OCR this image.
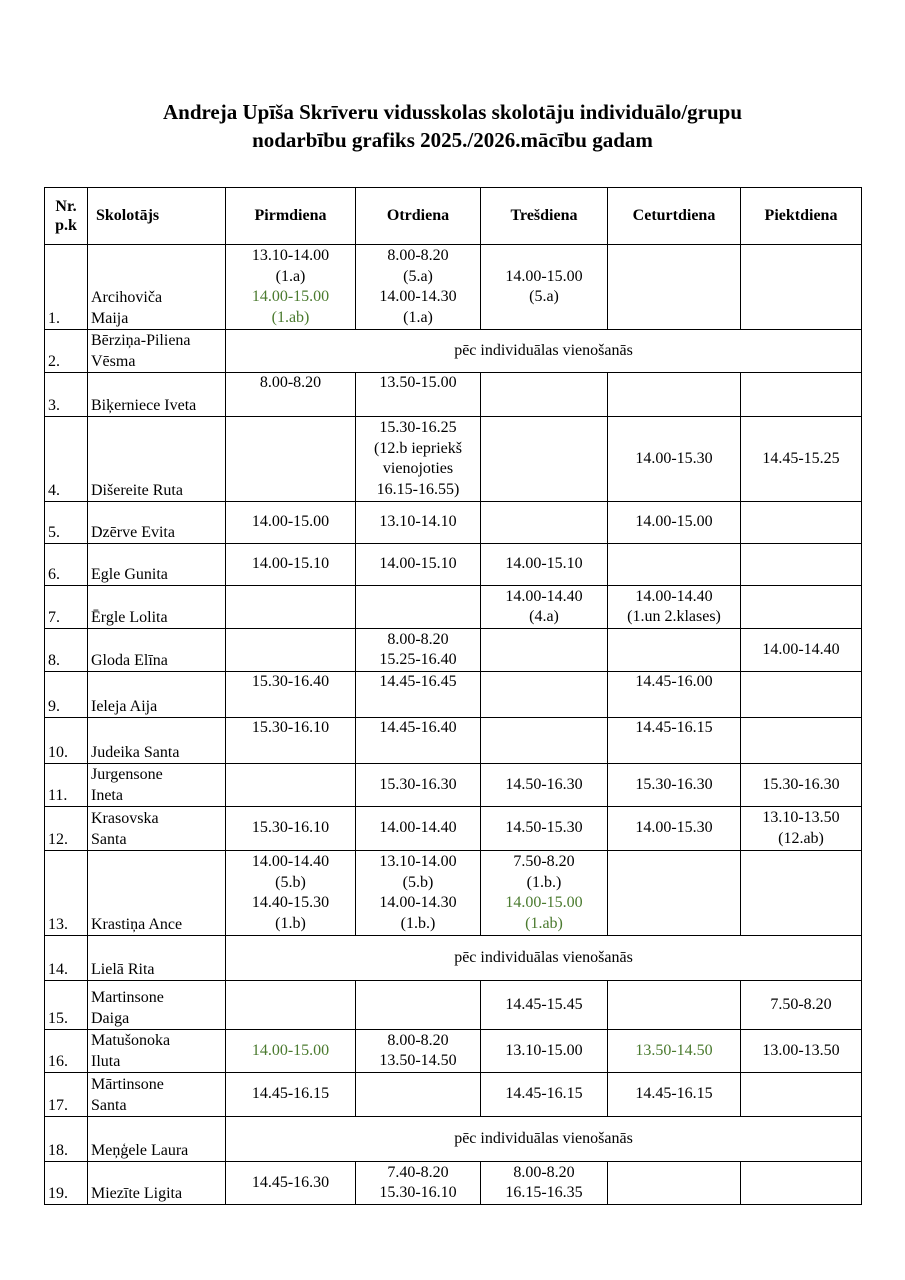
Andreja Upīša Skrīveru vidusskolas skolotāju individuālo/grupu
nodarbību grafiks 2025./2026.mācību gadam
Nr.
p.k	Skolotājs	Pirmdiena	Otrdiena	Trešdiena	Ceturtdiena	Piektdiena
1.	Arcihoviča
Maija	13.10-14.00
(1.a)
14.00-15.00
(1.ab)	8.00-8.20
(5.a)
14.00-14.30
(1.a)	14.00-15.00
(5.a)		

2.	Bērziņa-Piliena
Vēsma	pēc individuālas vienošanās				
3.	Biķerniece Iveta	8.00-8.20	13.50-15.00			
4.	Dišereite Ruta		15.30-16.25
(12.b iepriekš
vienojoties
16.15-16.55)		14.00-15.30	14.45-15.25
5.	Dzērve Evita	14.00-15.00	13.10-14.10		14.00-15.00	
6.	Egle Gunita	14.00-15.10	14.00-15.10	14.00-15.10		
7.	Ērgle Lolita			14.00-14.40
(4.a)	14.00-14.40
(1.un 2.klases)	

8.	Gloda Elīna		8.00-8.20
15.25-16.40			14.00-14.40
9.	Ieleja Aija	15.30-16.40	14.45-16.45		14.45-16.00	
10.	Judeika Santa	15.30-16.10	14.45-16.40		14.45-16.15	
11.	Jurgensone
Ineta		15.30-16.30	14.50-16.30	15.30-16.30	15.30-16.30
12.	Krasovska
Santa	15.30-16.10	14.00-14.40	14.50-15.30	14.00-15.30	13.10-13.50
(12.ab)

13.	Krastiņa Ance	14.00-14.40
(5.b)
14.40-15.30
(1.b)	13.10-14.00
(5.b)
14.00-14.30
(1.b.)	7.50-8.20
(1.b.)
14.00-15.00
(1.ab)		

14.	Lielā Rita	pēc individuālas vienošanās				
15.	Martinsone
Daiga			14.45-15.45		7.50-8.20
16.	Matušonoka
Iluta	14.00-15.00	8.00-8.20
13.50-14.50	13.10-15.00	13.50-14.50	13.00-13.50
17.	Mārtinsone
Santa	14.45-16.15		14.45-16.15	14.45-16.15	
18.	Meņģele Laura	pēc individuālas vienošanās				
19.	Miezīte Ligita	14.45-16.30	7.40-8.20
15.30-16.10	8.00-8.20
16.15-16.35		
